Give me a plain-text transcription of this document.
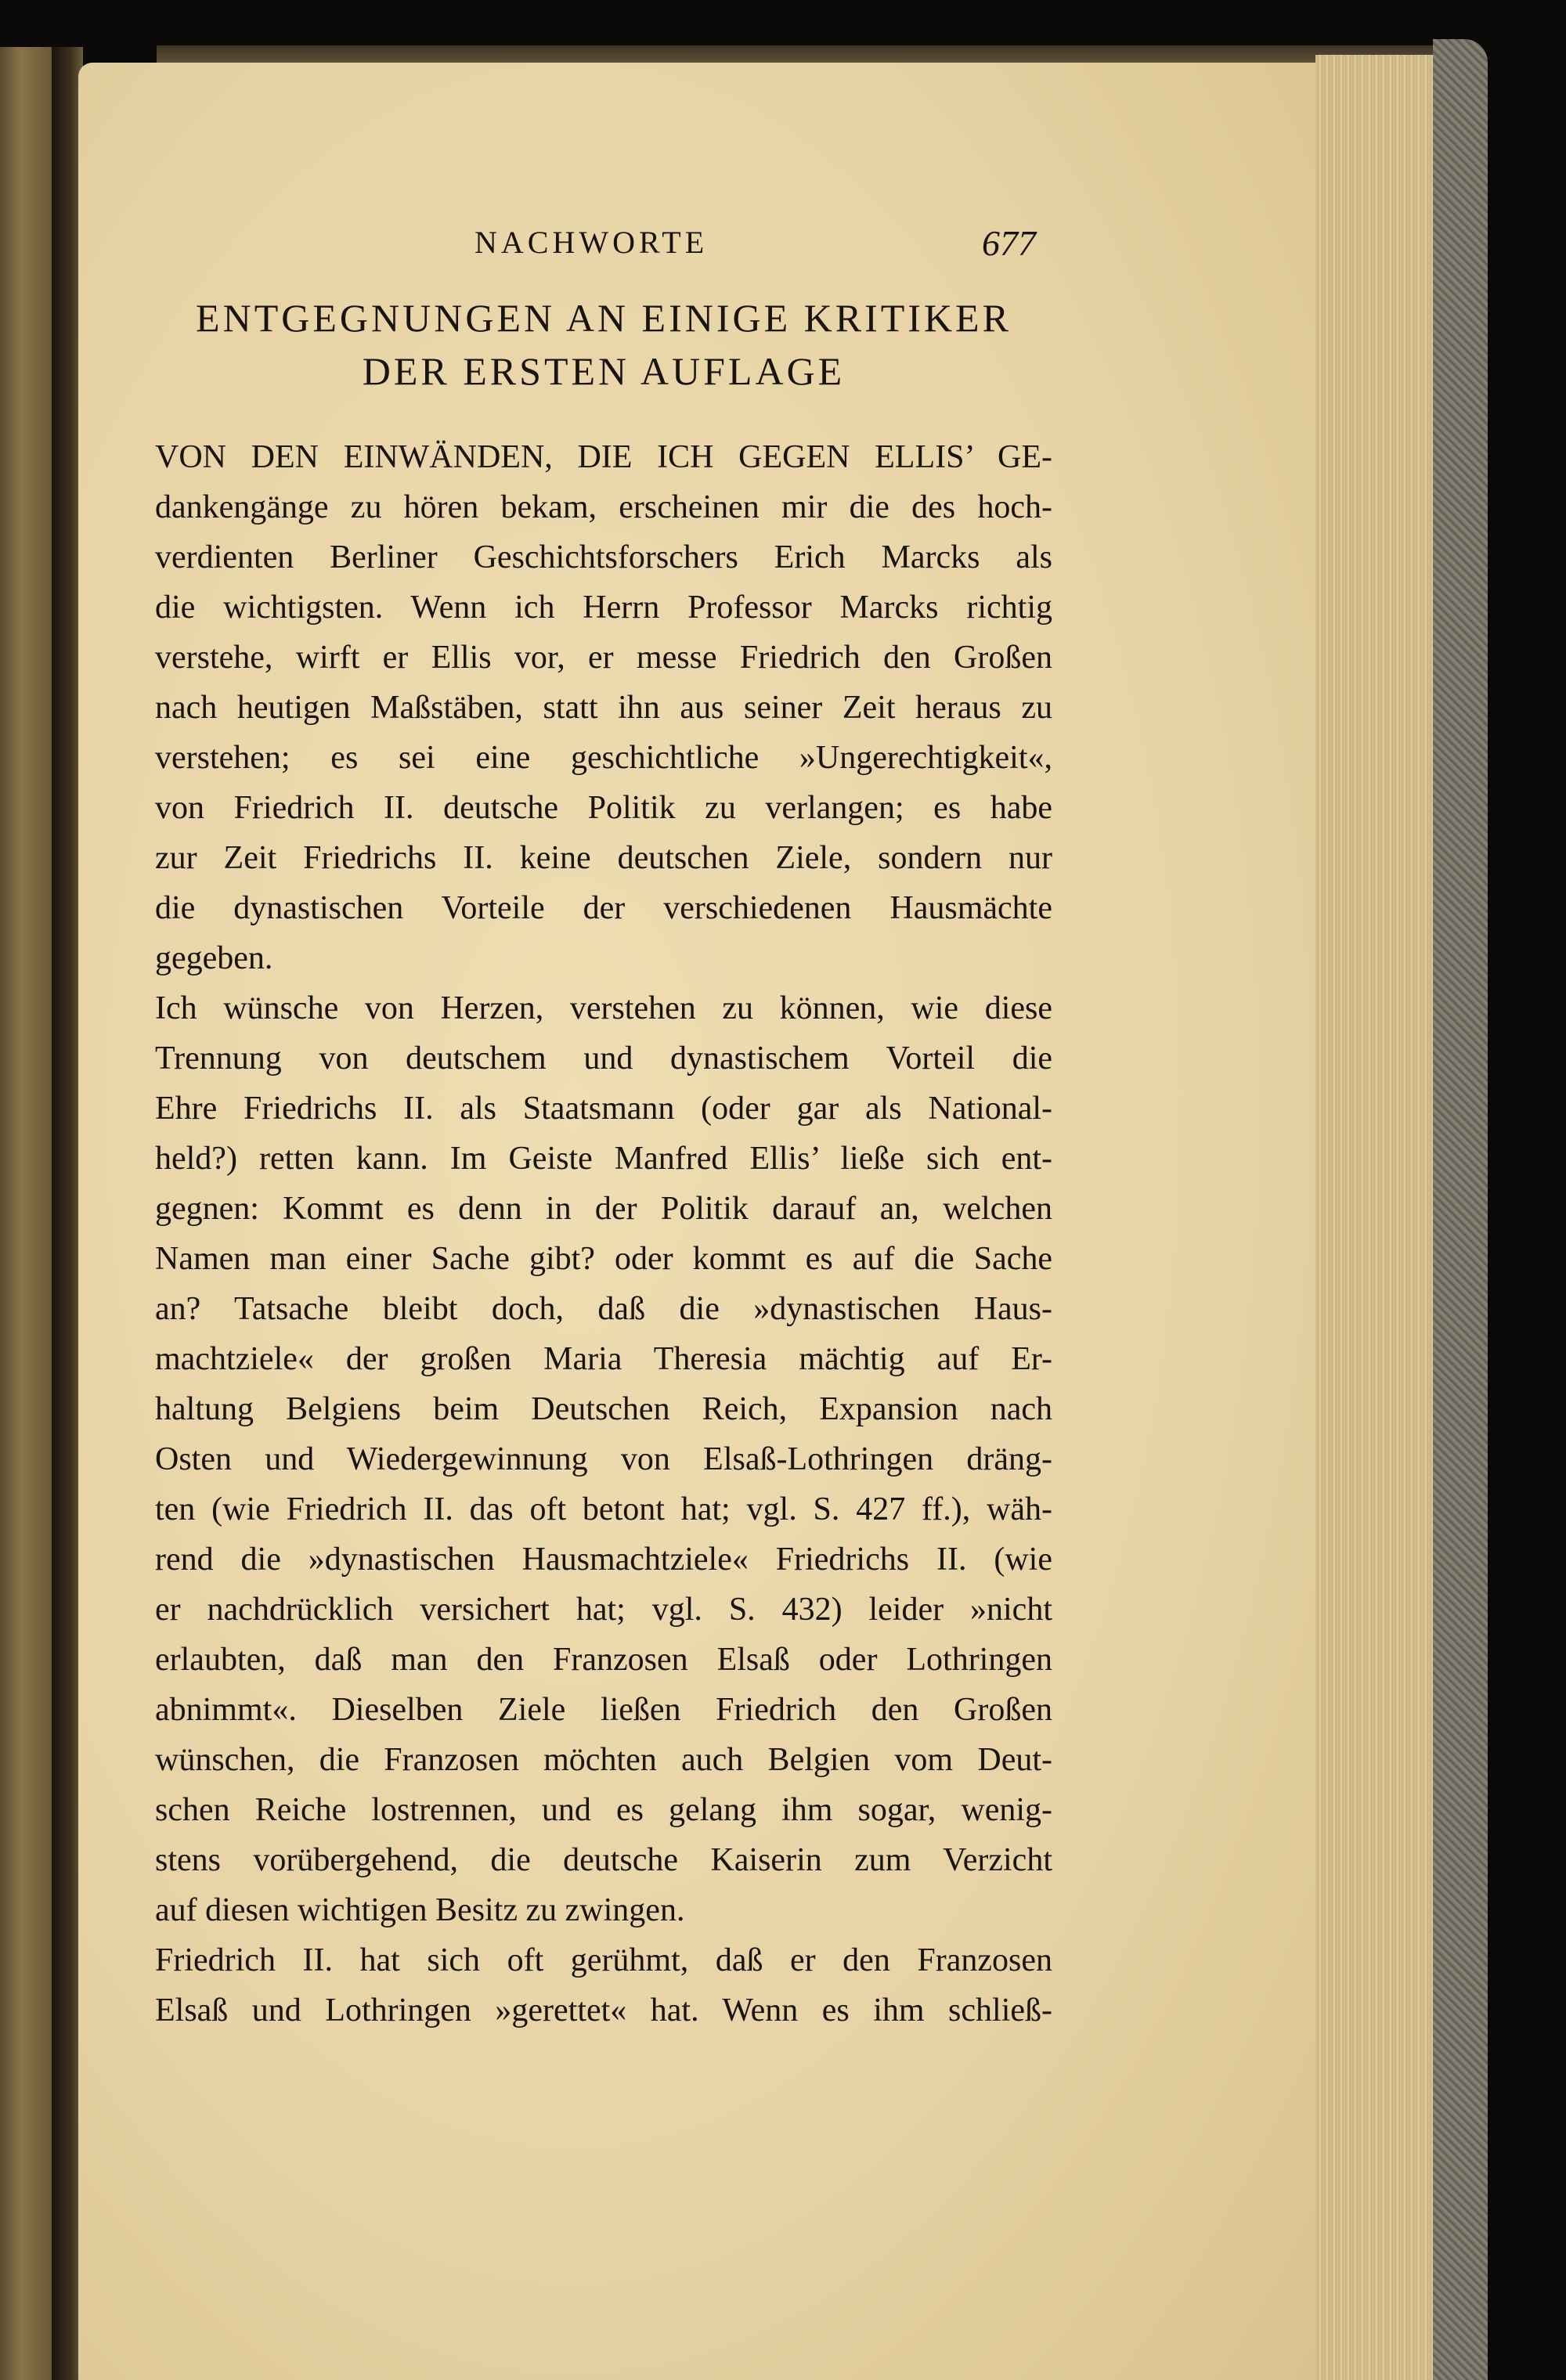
NACHWORTE	677
ENTGEGNUNGEN AN EINIGE KRITIKER
DER ERSTEN AUFLAGE
VON DEN EINWÄNDEN, DIE ICH GEGEN ELLIS’ GE-
dankengänge zu hören bekam, erscheinen mir die des hoch-
verdienten Berliner Geschichtsforschers Erich Marcks als
die wichtigsten. Wenn ich Herrn Professor Marcks richtig
verstehe, wirft er Ellis vor, er messe Friedrich den Großen
nach heutigen Maßstäben, statt ihn aus seiner Zeit heraus zu
verstehen; es sei eine geschichtliche »Ungerechtigkeit«,
von Friedrich II. deutsche Politik zu verlangen; es habe
zur Zeit Friedrichs II. keine deutschen Ziele, sondern nur
die dynastischen Vorteile der verschiedenen Hausmächte
gegeben.
Ich wünsche von Herzen, verstehen zu können, wie diese
Trennung von deutschem und dynastischem Vorteil die
Ehre Friedrichs II. als Staatsmann (oder gar als National-
held?) retten kann. Im Geiste Manfred Ellis’ ließe sich ent-
gegnen: Kommt es denn in der Politik darauf an, welchen
Namen man einer Sache gibt? oder kommt es auf die Sache
an? Tatsache bleibt doch, daß die »dynastischen Haus-
machtziele« der großen Maria Theresia mächtig auf Er-
haltung Belgiens beim Deutschen Reich, Expansion nach
Osten und Wiedergewinnung von Elsaß-Lothringen dräng-
ten (wie Friedrich II. das oft betont hat; vgl. S. 427 ff.), wäh-
rend die »dynastischen Hausmachtziele« Friedrichs II. (wie
er nachdrücklich versichert hat; vgl. S. 432) leider »nicht
erlaubten, daß man den Franzosen Elsaß oder Lothringen
abnimmt«. Dieselben Ziele ließen Friedrich den Großen
wünschen, die Franzosen möchten auch Belgien vom Deut-
schen Reiche lostrennen, und es gelang ihm sogar, wenig-
stens vorübergehend, die deutsche Kaiserin zum Verzicht
auf diesen wichtigen Besitz zu zwingen.
Friedrich II. hat sich oft gerühmt, daß er den Franzosen
Elsaß und Lothringen »gerettet« hat. Wenn es ihm schließ-
